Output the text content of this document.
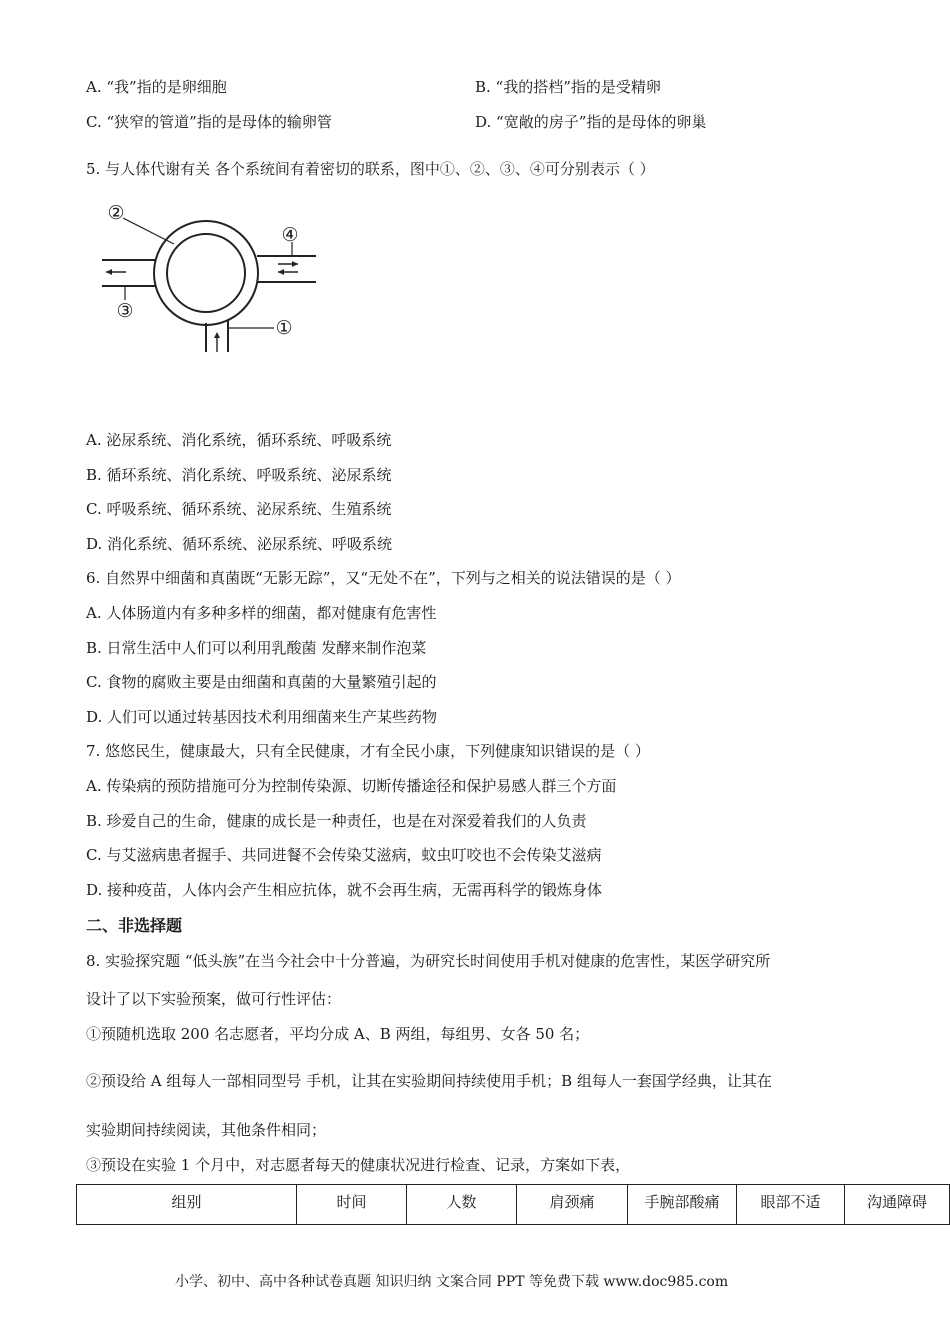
A. “我”指的是卵细胞	B. “我的搭档”指的是受精卵
C. “狭窄的管道”指的是母体的输卵管	D. “宽敞的房子”指的是母体的卵巢
5. 与人体代谢有关 各个系统间有着密切的联系，图中①、②、③、④可分别表示（ ）
②
③
④
①
A. 泌尿系统、消化系统，循环系统、呼吸系统
B. 循环系统、消化系统、呼吸系统、泌尿系统
C. 呼吸系统、循环系统、泌尿系统、生殖系统
D. 消化系统、循环系统、泌尿系统、呼吸系统
6. 自然界中细菌和真菌既“无影无踪”，又“无处不在”，下列与之相关的说法错误的是（ ）
A. 人体肠道内有多种多样的细菌，都对健康有危害性
B. 日常生活中人们可以利用乳酸菌 发酵来制作泡菜
C. 食物的腐败主要是由细菌和真菌的大量繁殖引起的
D. 人们可以通过转基因技术利用细菌来生产某些药物
7. 悠悠民生，健康最大，只有全民健康，才有全民小康，下列健康知识错误的是（ ）
A. 传染病的预防措施可分为控制传染源、切断传播途径和保护易感人群三个方面
B. 珍爱自己的生命，健康的成长是一种责任，也是在对深爱着我们的人负责
C. 与艾滋病患者握手、共同进餐不会传染艾滋病，蚊虫叮咬也不会传染艾滋病
D. 接种疫苗，人体内会产生相应抗体，就不会再生病，无需再科学的锻炼身体
二、非选择题
8. 实验探究题 “低头族”在当今社会中十分普遍，为研究长时间使用手机对健康的危害性，某医学研究所
设计了以下实验预案，做可行性评估：
①预随机选取 200 名志愿者，平均分成 A、B 两组，每组男、女各 50 名；
②预设给 A 组每人一部相同型号 手机，让其在实验期间持续使用手机；B 组每人一套国学经典，让其在
实验期间持续阅读，其他条件相同；
③预设在实验 1 个月中，对志愿者每天的健康状况进行检查、记录，方案如下表，
组别	时间	人数	肩颈痛	手腕部酸痛	眼部不适	沟通障碍
小学、初中、高中各种试卷真题 知识归纳 文案合同 PPT 等免费下载 www.doc985.com
